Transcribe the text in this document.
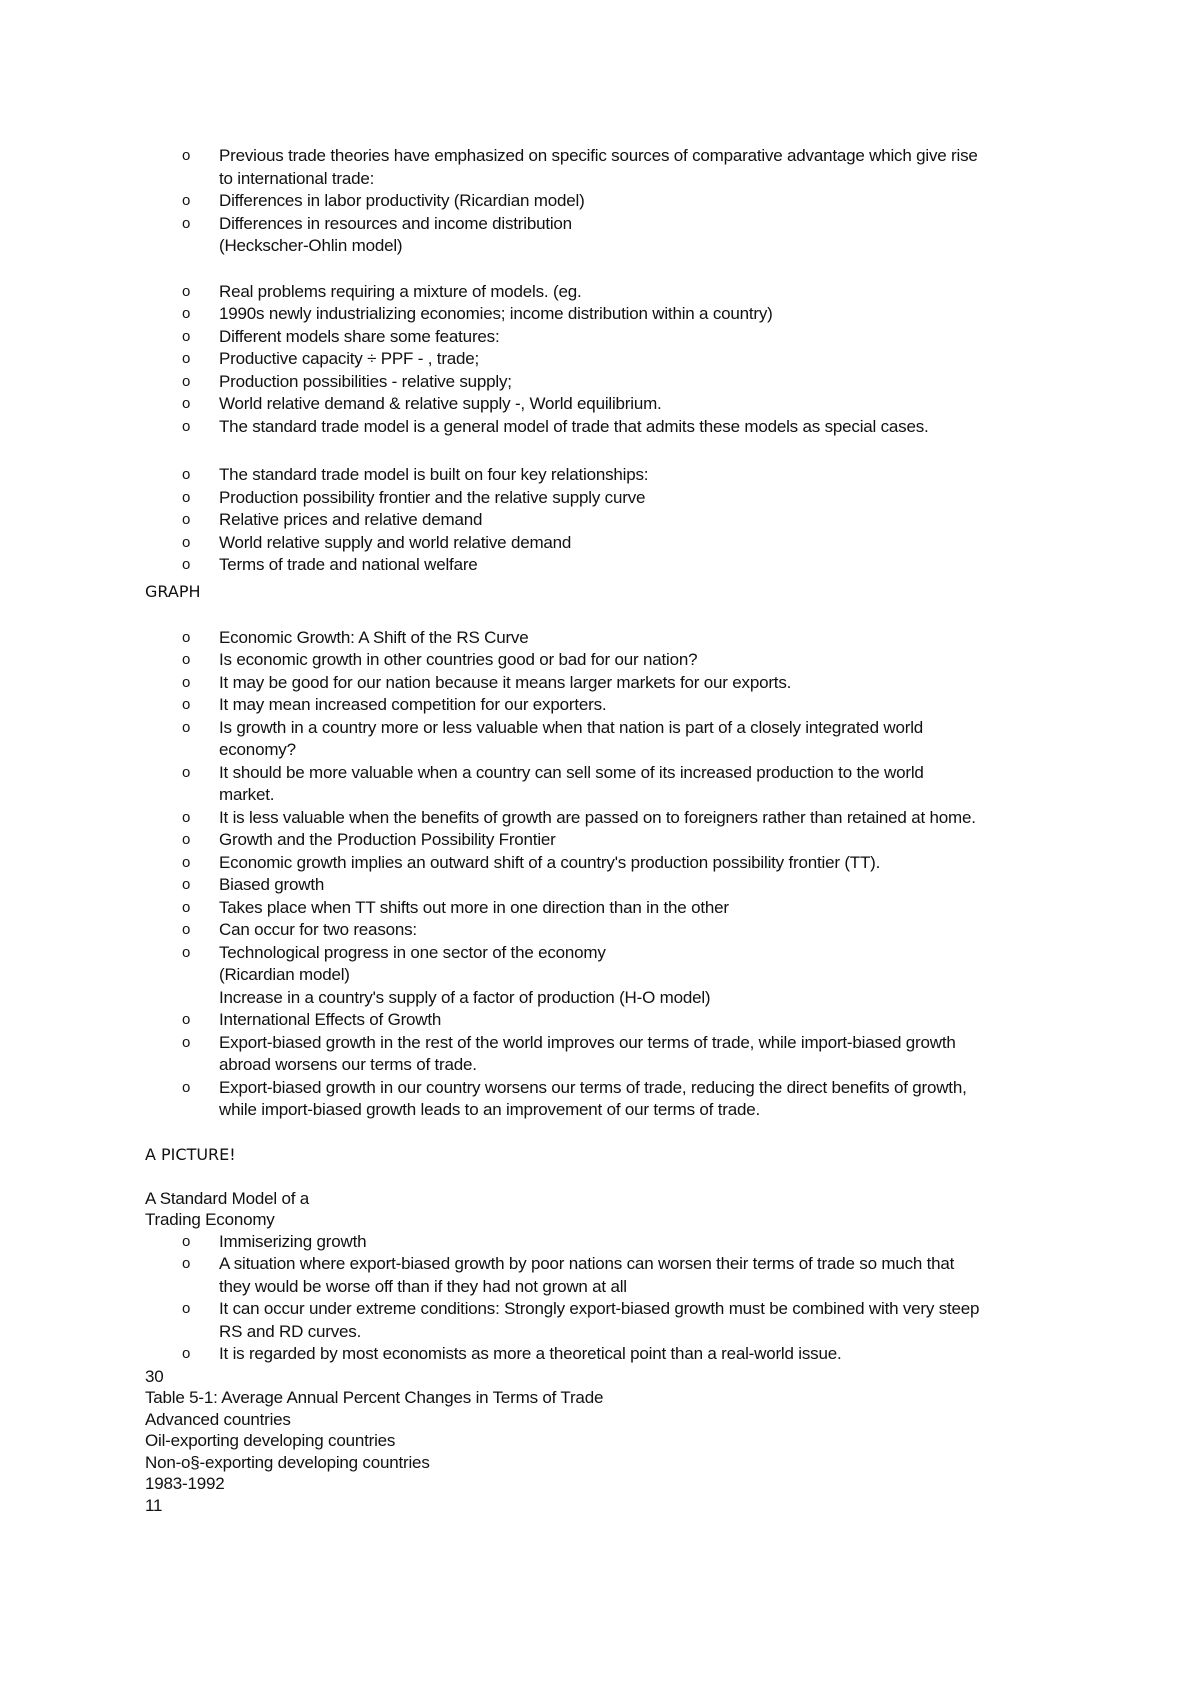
o Previous trade theories have emphasized on specific sources of comparative advantage which give rise
to international trade:
o Differences in labor productivity (Ricardian model)
o Differences in resources and income distribution
(Heckscher-Ohlin model)
o Real problems requiring a mixture of models. (eg.
o 1990s newly industrializing economies; income distribution within a country)
o Different models share some features:
o Productive capacity ÷ PPF - , trade;
o Production possibilities - relative supply;
o World relative demand & relative supply -, World equilibrium.
o The standard trade model is a general model of trade that admits these models as special cases.
o The standard trade model is built on four key relationships:
o Production possibility frontier and the relative supply curve
o Relative prices and relative demand
o World relative supply and world relative demand
o Terms of trade and national welfare

GRAPH

o Economic Growth: A Shift of the RS Curve
o Is economic growth in other countries good or bad for our nation?
o It may be good for our nation because it means larger markets for our exports.
o It may mean increased competition for our exporters.
o Is growth in a country more or less valuable when that nation is part of a closely integrated world
economy?
o It should be more valuable when a country can sell some of its increased production to the world
market.
o It is less valuable when the benefits of growth are passed on to foreigners rather than retained at home.
o Growth and the Production Possibility Frontier
o Economic growth implies an outward shift of a country's production possibility frontier (TT).
o Biased growth
o Takes place when TT shifts out more in one direction than in the other
o Can occur for two reasons:
o Technological progress in one sector of the economy
(Ricardian model)
Increase in a country's supply of a factor of production (H-O model)
o International Effects of Growth
o Export-biased growth in the rest of the world improves our terms of trade, while import-biased growth
abroad worsens our terms of trade.
o Export-biased growth in our country worsens our terms of trade, reducing the direct benefits of growth,
while import-biased growth leads to an improvement of our terms of trade.

A PICTURE!

A Standard Model of a
Trading Economy
o Immiserizing growth
o A situation where export-biased growth by poor nations can worsen their terms of trade so much that
they would be worse off than if they had not grown at all
o It can occur under extreme conditions: Strongly export-biased growth must be combined with very steep
RS and RD curves.
o It is regarded by most economists as more a theoretical point than a real-world issue.
30
Table 5-1: Average Annual Percent Changes in Terms of Trade
Advanced countries
Oil-exporting developing countries
Non-o§-exporting developing countries
1983-1992
11
